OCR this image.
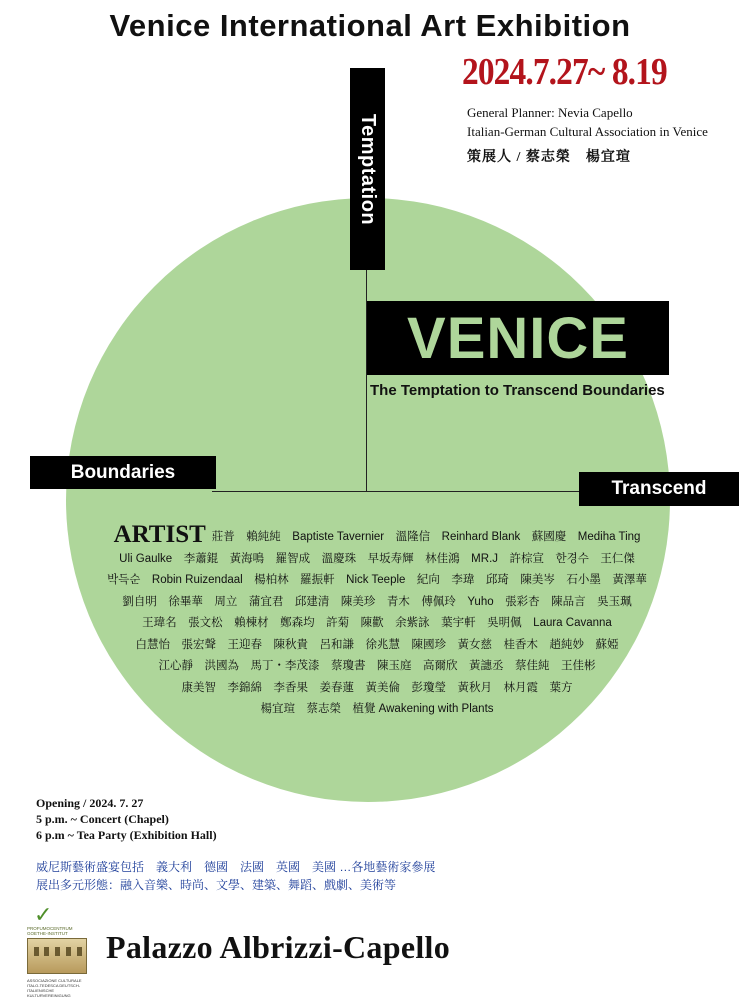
Venice International Art Exhibition
2024.7.27~ 8.19
General Planner: Nevia Capello
Italian-German Cultural Association in Venice
策展人 / 蔡志榮　楊宜瑄
Temptation
Boundaries
Transcend
VENICE
The Temptation to Transcend Boundaries
ARTIST 莊普　賴純純　Baptiste Tavernier　溫隆信　Reinhard Blank　蘇國慶　Mediha Ting
Uli Gaulke　李蕭錕　黃海鳴　羅智成　溫慶珠　早坂寿輝　林佳鴻　MR.J　許棕宣　한경수　王仁傑
박득순　Robin Ruizendaal　楊柏林　羅振軒　Nick Teeple　紀向　李瑋　邱琦　陳美岑　石小墨　黃澤華
劉自明　徐畢華　周立　蒲宜君　邱建清　陳美珍　青木　傅佩玲　Yuho　張彩杏　陳品言　吳玉珮
王瑋名　張文松　賴棟材　鄭森均　許菊　陳歡　余紫詠　葉宇軒　吳明佩　Laura Cavanna
白慧怡　張宏聲　王迎春　陳秋貴　呂和謙　徐兆慧　陳國珍　黃女慈　桂香木　趙純妙　蘇婭
江心靜　洪國為　馬丁・李茂漆　蔡瓊書　陳玉庭　高爾欣　黃譓丞　蔡佳純　王佳彬
康美智　李錦綿　李香果　姜春蓮　黃美倫　彭瓊瑩　黃秋月　林月霞　葉方
楊宜瑄　蔡志榮　植覺 Awakening with Plants
Opening / 2024. 7. 27
5 p.m. ~ Concert (Chapel)
6 p.m ~ Tea Party (Exhibition Hall)
威尼斯藝術盛宴包括　義大利　德國　法國　英國　美國 …各地藝術家參展
展出多元形態：融入音樂、時尚、文學、建築、舞蹈、戲劇、美術等
✓
PROFUMOCENTRUM GOETHE-INSTITUT
ASSOCIAZIONE CULTURALE ITALO-TEDESCA DEUTSCH-ITALIENISCHE KULTURVEREINIGUNG
Palazzo Albrizzi-Capello
